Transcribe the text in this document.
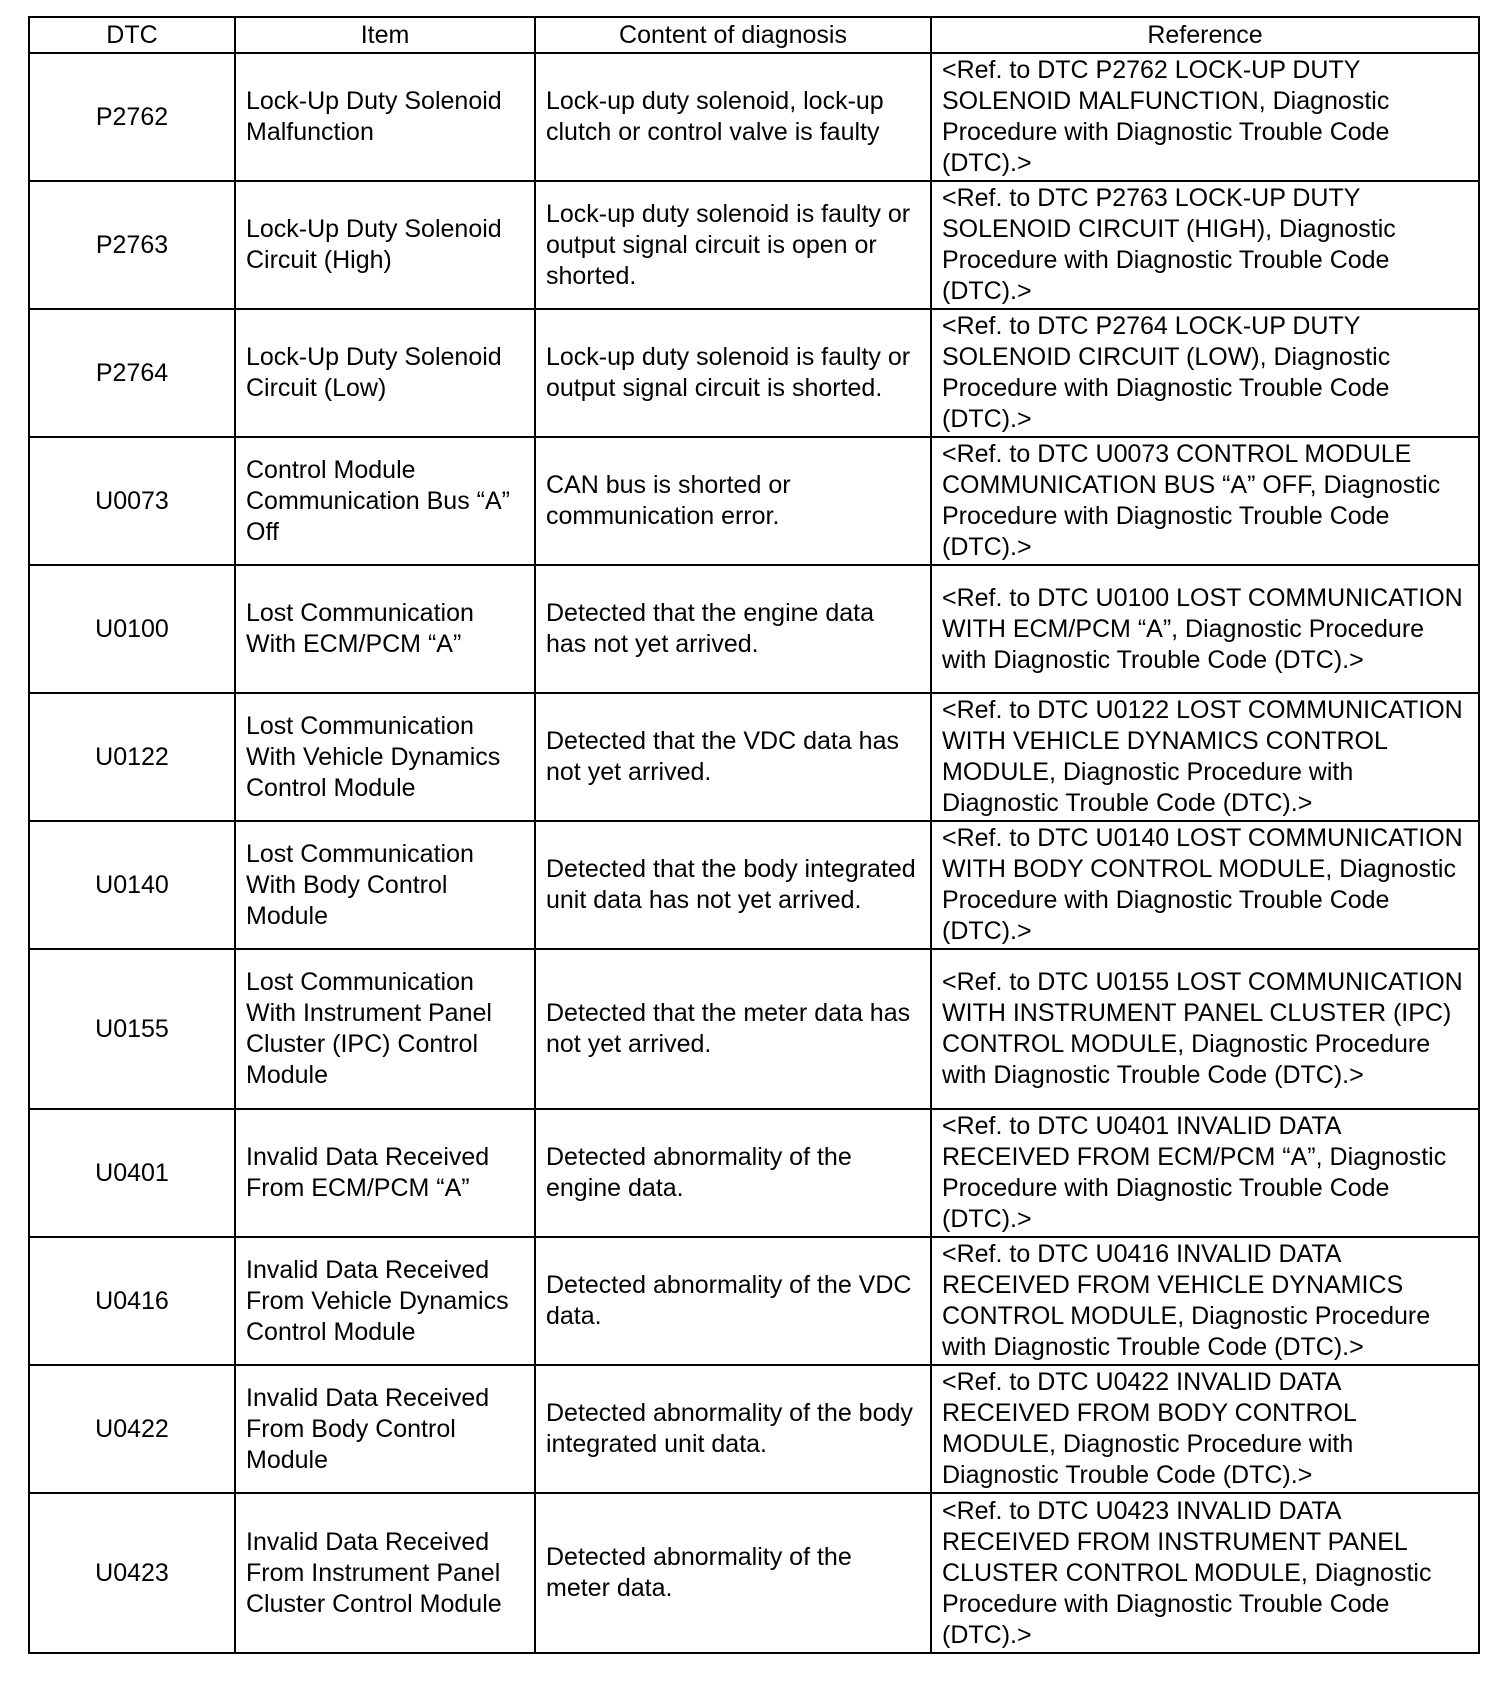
DTC	Item	Content of diagnosis	Reference
P2762	Lock-Up Duty Solenoid Malfunction	Lock-up duty solenoid, lock-up clutch or control valve is faulty	<Ref. to DTC P2762 LOCK-UP DUTY SOLENOID MALFUNCTION, Diagnostic Procedure with Diagnostic Trouble Code (DTC).>
P2763	Lock-Up Duty Solenoid Circuit (High)	Lock-up duty solenoid is faulty or output signal circuit is open or shorted.	<Ref. to DTC P2763 LOCK-UP DUTY SOLENOID CIRCUIT (HIGH), Diagnostic Procedure with Diagnostic Trouble Code (DTC).>
P2764	Lock-Up Duty Solenoid Circuit (Low)	Lock-up duty solenoid is faulty or output signal circuit is shorted.	<Ref. to DTC P2764 LOCK-UP DUTY SOLENOID CIRCUIT (LOW), Diagnostic Procedure with Diagnostic Trouble Code (DTC).>
U0073	Control Module Communication Bus “A” Off	CAN bus is shorted or communication error.	<Ref. to DTC U0073 CONTROL MODULE COMMUNICATION BUS “A” OFF, Diagnostic Procedure with Diagnostic Trouble Code (DTC).>
U0100	Lost Communication With ECM/PCM “A”	Detected that the engine data has not yet arrived.	<Ref. to DTC U0100 LOST COMMUNICATION WITH ECM/PCM “A”, Diagnostic Procedure with Diagnostic Trouble Code (DTC).>
U0122	Lost Communication With Vehicle Dynamics Control Module	Detected that the VDC data has not yet arrived.	<Ref. to DTC U0122 LOST COMMUNICATION WITH VEHICLE DYNAMICS CONTROL MODULE, Diagnostic Procedure with Diagnostic Trouble Code (DTC).>
U0140	Lost Communication With Body Control Module	Detected that the body integrated unit data has not yet arrived.	<Ref. to DTC U0140 LOST COMMUNICATION WITH BODY CONTROL MODULE, Diagnostic Procedure with Diagnostic Trouble Code (DTC).>
U0155	Lost Communication With Instrument Panel Cluster (IPC) Control Module	Detected that the meter data has not yet arrived.	<Ref. to DTC U0155 LOST COMMUNICATION WITH INSTRUMENT PANEL CLUSTER (IPC) CONTROL MODULE, Diagnostic Procedure with Diagnostic Trouble Code (DTC).>
U0401	Invalid Data Received From ECM/PCM “A”	Detected abnormality of the engine data.	<Ref. to DTC U0401 INVALID DATA RECEIVED FROM ECM/PCM “A”, Diagnostic Procedure with Diagnostic Trouble Code (DTC).>
U0416	Invalid Data Received From Vehicle Dynamics Control Module	Detected abnormality of the VDC data.	<Ref. to DTC U0416 INVALID DATA RECEIVED FROM VEHICLE DYNAMICS CONTROL MODULE, Diagnostic Procedure with Diagnostic Trouble Code (DTC).>
U0422	Invalid Data Received From Body Control Module	Detected abnormality of the body integrated unit data.	<Ref. to DTC U0422 INVALID DATA RECEIVED FROM BODY CONTROL MODULE, Diagnostic Procedure with Diagnostic Trouble Code (DTC).>
U0423	Invalid Data Received From Instrument Panel Cluster Control Module	Detected abnormality of the meter data.	<Ref. to DTC U0423 INVALID DATA RECEIVED FROM INSTRUMENT PANEL CLUSTER CONTROL MODULE, Diagnostic Procedure with Diagnostic Trouble Code (DTC).>
